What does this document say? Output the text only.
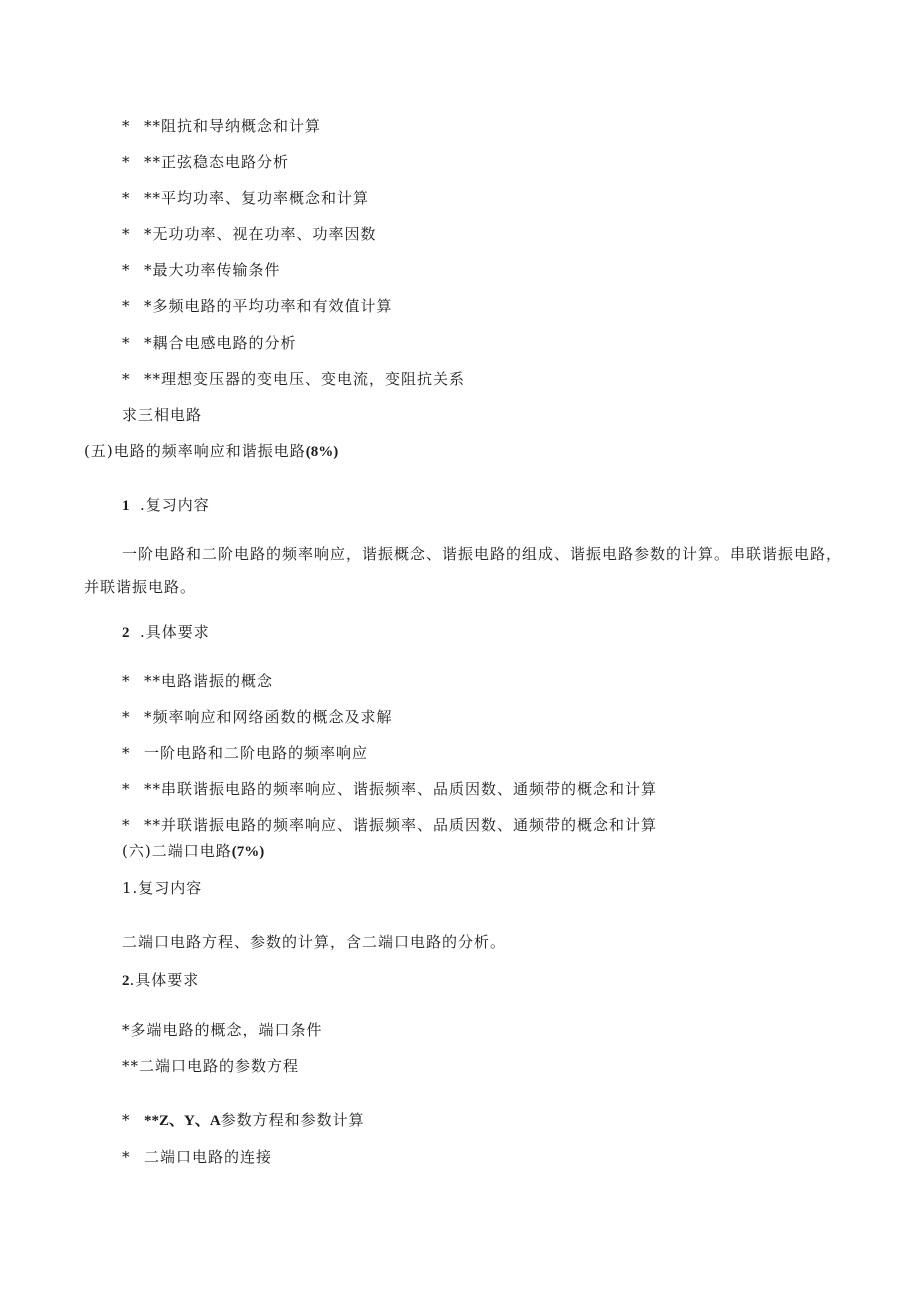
* **阻抗和导纳概念和计算
* **正弦稳态电路分析
* **平均功率、复功率概念和计算
* *无功功率、视在功率、功率因数
* *最大功率传输条件
* *多频电路的平均功率和有效值计算
* *耦合电感电路的分析
* **理想变压器的变电压、变电流，变阻抗关系
求三相电路
(五)电路的频率响应和谐振电路(8%)
1 .复习内容
一阶电路和二阶电路的频率响应，谐振概念、谐振电路的组成、谐振电路参数的计算。串联谐振电路，并联谐振电路。
2 .具体要求
* **电路谐振的概念
* *频率响应和网络函数的概念及求解
* 一阶电路和二阶电路的频率响应
* **串联谐振电路的频率响应、谐振频率、品质因数、通频带的概念和计算
* **并联谐振电路的频率响应、谐振频率、品质因数、通频带的概念和计算
(六)二端口电路(7%)
1.复习内容
二端口电路方程、参数的计算，含二端口电路的分析。
2.具体要求
*多端电路的概念，端口条件
**二端口电路的参数方程
* **Z、Y、A参数方程和参数计算
* 二端口电路的连接
